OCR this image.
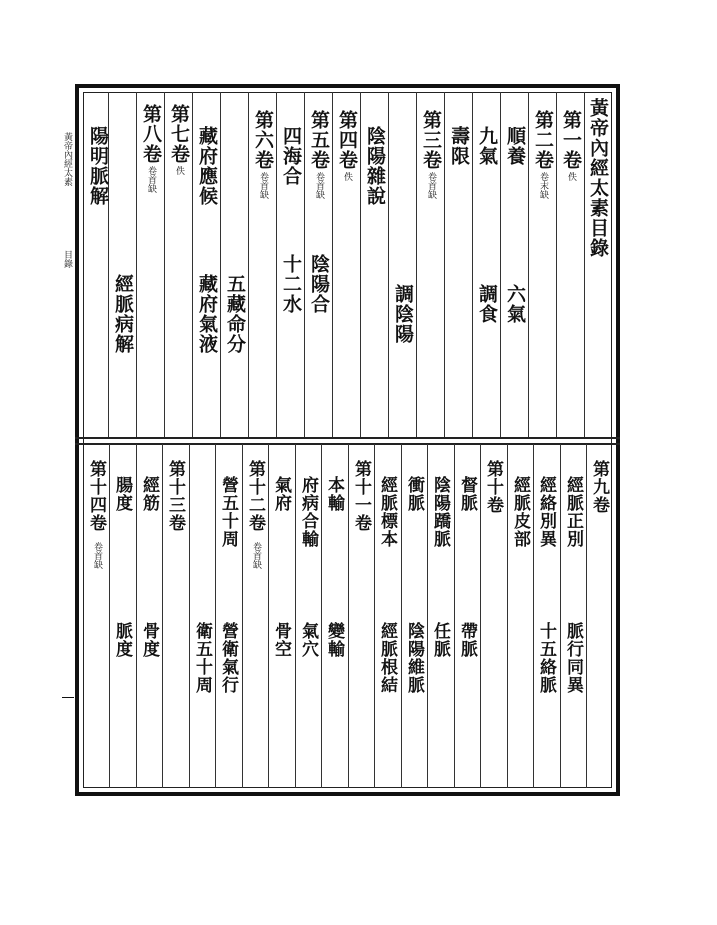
黃帝內經太素
目錄
黃帝內經太素目錄
第一卷
佚
第二卷
卷末缺
順養
六氣
九氣
調食
壽限
第三卷
卷首缺
調陰陽
陰陽雜說
第四卷
佚
第五卷
卷首缺
陰陽合
四海合
十二水
第六卷
卷首缺
五藏命分
藏府應候
藏府氣液
第七卷
佚
第八卷
卷首缺
經脈病解
陽明脈解
第九卷
經脈正別
脈行同異
經絡別異
十五絡脈
經脈皮部
第十卷
督脈
帶脈
陰陽蹻脈
任脈
衝脈
陰陽維脈
經脈標本
經脈根結
第十一卷
本輸
變輸
府病合輸
氣穴
氣府
骨空
第十二卷
卷首缺
營五十周
營衛氣行
衛五十周
第十三卷
經筋
骨度
腸度
脈度
第十四卷
卷首缺
